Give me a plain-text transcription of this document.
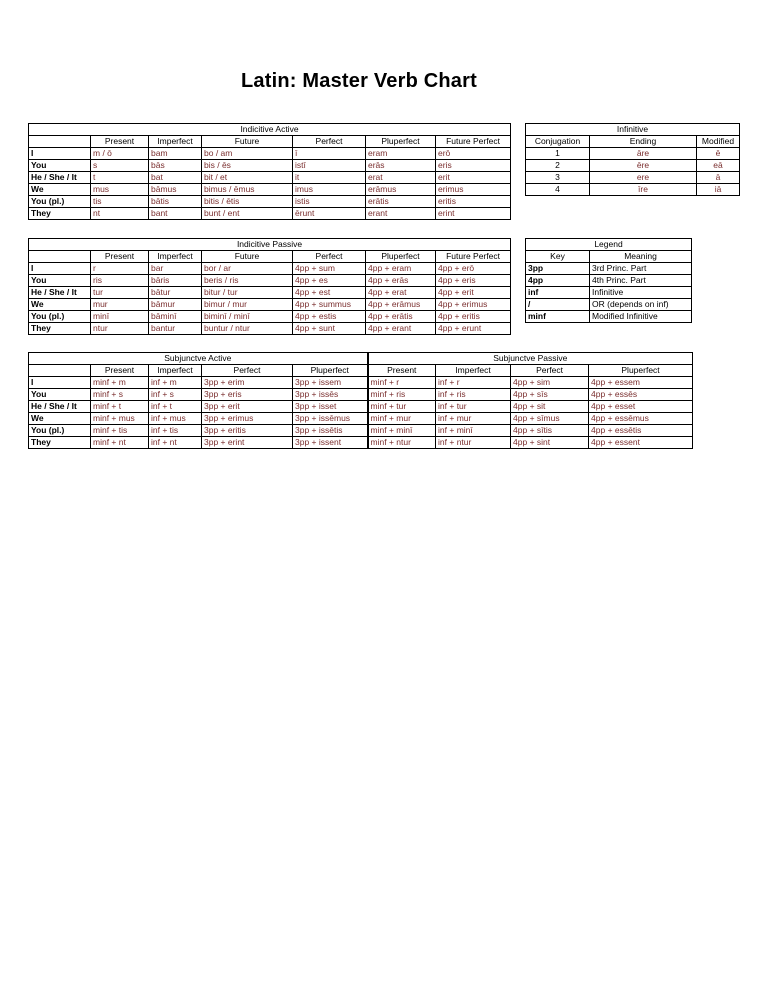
Latin: Master Verb Chart
Indicitive Active						
	Present	Imperfect	Future	Perfect	Pluperfect	Future Perfect
I	m / ō	bam	bo / am	ī	eram	erō
You	s	bās	bis / ēs	istī	erās	eris
He / She / It	t	bat	bit / et	it	erat	erit
We	mus	bāmus	bimus / ēmus	imus	erāmus	erimus
You (pl.)	tis	bātis	bitis / ētis	istis	erātis	eritis
They	nt	bant	bunt / ent	ērunt	erant	erint
Infinitive		
Conjugation	Ending	Modified
1	āre	ē
2	ēre	eā
3	ere	ā
4	īre	iā
Indicitive Passive						
	Present	Imperfect	Future	Perfect	Pluperfect	Future Perfect
I	r	bar	bor / ar	4pp + sum	4pp + eram	4pp + erō
You	ris	bāris	beris / ris	4pp + es	4pp + erās	4pp + eris
He / She / It	tur	bātur	bitur / tur	4pp + est	4pp + erat	4pp + erit
We	mur	bāmur	bimur / mur	4pp + summus	4pp + erāmus	4pp + erimus
You (pl.)	minī	bāminī	biminī / minī	4pp + estis	4pp + erātis	4pp + eritis
They	ntur	bantur	buntur / ntur	4pp + sunt	4pp + erant	4pp + erunt
Legend	
Key	Meaning
3pp	3rd Princ. Part
4pp	4th Princ. Part
inf	Infinitive
/	OR (depends on inf)
minf	Modified Infinitive
Subjunctve Active					Subjunctve Passive			
	Present	Imperfect	Perfect	Pluperfect	Present	Imperfect	Perfect	Pluperfect
I	minf + m	inf + m	3pp + erim	3pp + issem	minf + r	inf + r	4pp + sim	4pp + essem
You	minf + s	inf + s	3pp + eris	3pp + issēs	minf + ris	inf + ris	4pp + sīs	4pp + essēs
He / She / It	minf + t	inf + t	3pp + erit	3pp + isset	minf + tur	inf + tur	4pp + sit	4pp + esset
We	minf + mus	inf + mus	3pp + erimus	3pp + issēmus	minf + mur	inf + mur	4pp + sīmus	4pp + essēmus
You (pl.)	minf + tis	inf + tis	3pp + eritis	3pp + issētis	minf + minī	inf + minī	4pp + sītis	4pp + essētis
They	minf + nt	inf + nt	3pp + erint	3pp + issent	minf + ntur	inf + ntur	4pp + sint	4pp + essent
